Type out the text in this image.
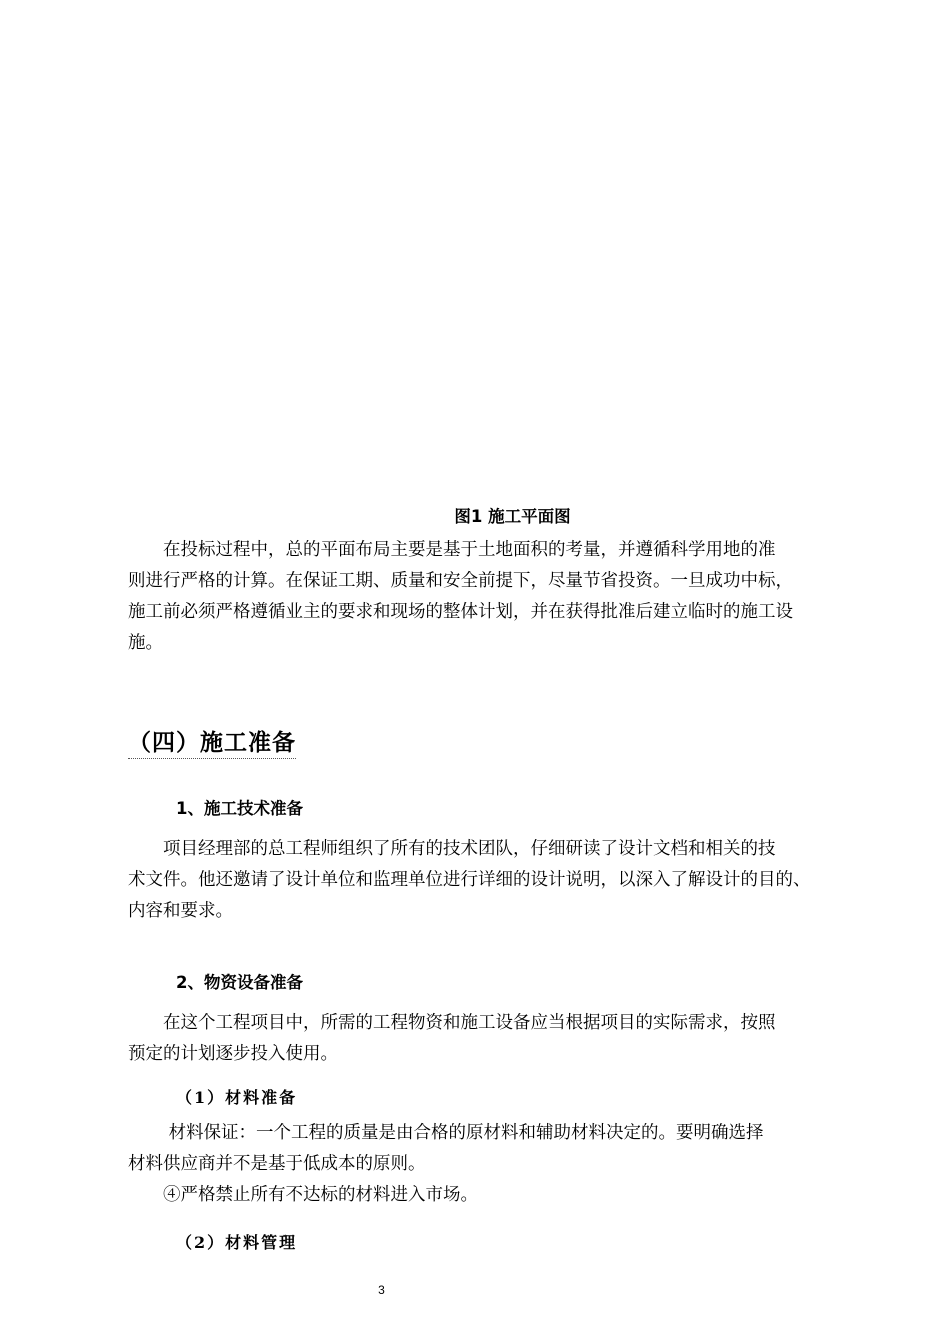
图1 施工平面图

　　在投标过程中，总的平面布局主要是基于土地面积的考量，并遵循科学用地的准

则进行严格的计算。在保证工期、质量和安全前提下，尽量节省投资。一旦成功中标，

施工前必须严格遵循业主的要求和现场的整体计划，并在获得批准后建立临时的施工设

施。

（四）施工准备
1、施工技术准备

　　项目经理部的总工程师组织了所有的技术团队，仔细研读了设计文档和相关的技

术文件。他还邀请了设计单位和监理单位进行详细的设计说明，以深入了解设计的目的、

内容和要求。

2、物资设备准备

　　在这个工程项目中，所需的工程物资和施工设备应当根据项目的实际需求，按照

预定的计划逐步投入使用。

（1）材料准备

　　 材料保证：一个工程的质量是由合格的原材料和辅助材料决定的。要明确选择

材料供应商并不是基于低成本的原则。

　　④严格禁止所有不达标的材料进入市场。

（2）材料管理
3
